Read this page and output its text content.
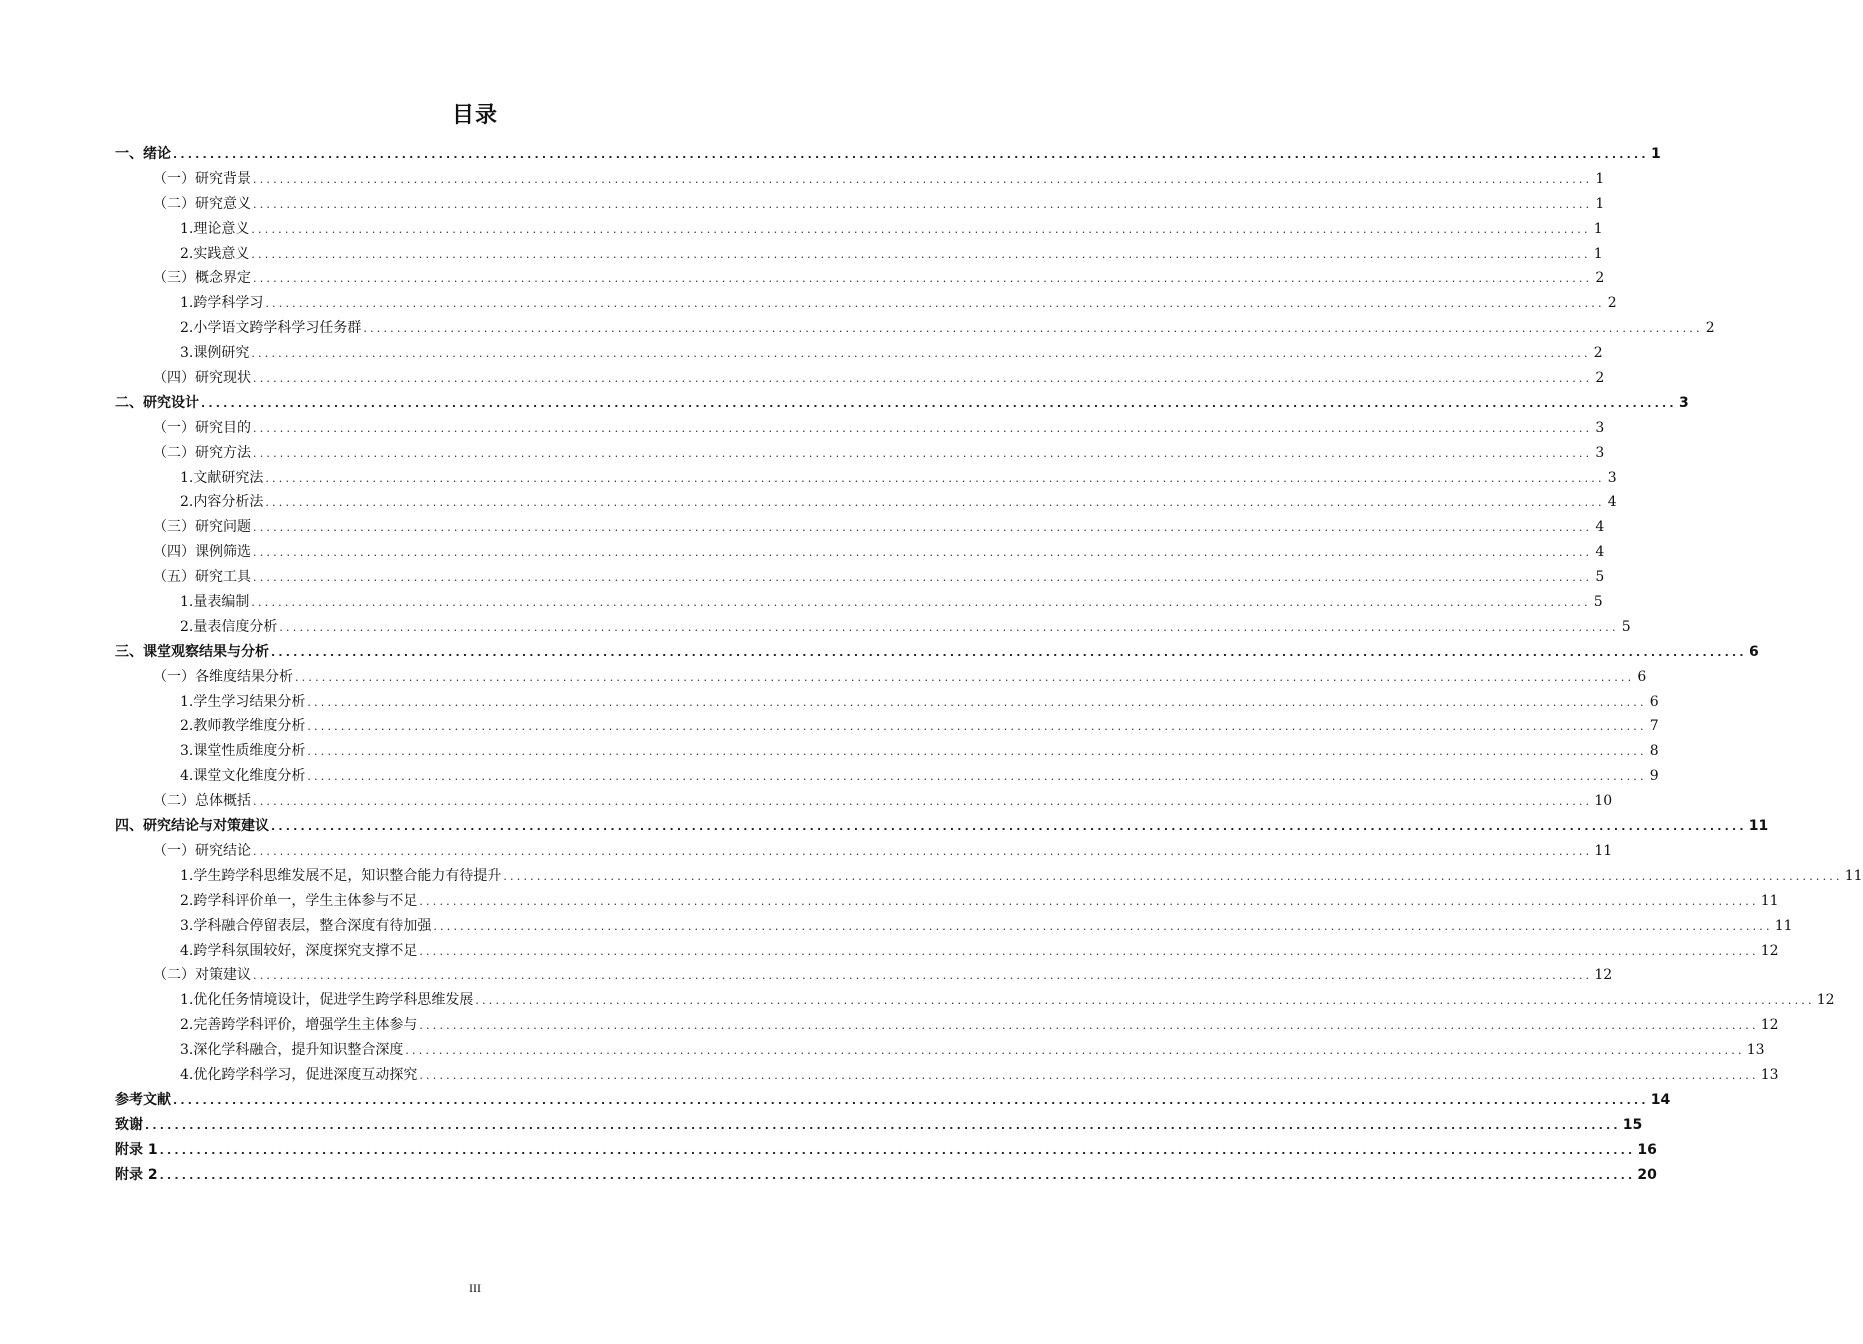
目录
一、绪论 ........................................................................................................................................................................................................ 1
（一）研究背景 ........................................................................................................................................................................................................ 1
（二）研究意义 ........................................................................................................................................................................................................ 1
1.理论意义 ........................................................................................................................................................................................................ 1
2.实践意义 ........................................................................................................................................................................................................ 1
（三）概念界定 ........................................................................................................................................................................................................ 2
1.跨学科学习 ........................................................................................................................................................................................................ 2
2.小学语文跨学科学习任务群 ........................................................................................................................................................................................................ 2
3.课例研究 ........................................................................................................................................................................................................ 2
（四）研究现状 ........................................................................................................................................................................................................ 2
二、研究设计 ........................................................................................................................................................................................................ 3
（一）研究目的 ........................................................................................................................................................................................................ 3
（二）研究方法 ........................................................................................................................................................................................................ 3
1.文献研究法 ........................................................................................................................................................................................................ 3
2.内容分析法 ........................................................................................................................................................................................................ 4
（三）研究问题 ........................................................................................................................................................................................................ 4
（四）课例筛选 ........................................................................................................................................................................................................ 4
（五）研究工具 ........................................................................................................................................................................................................ 5
1.量表编制 ........................................................................................................................................................................................................ 5
2.量表信度分析 ........................................................................................................................................................................................................ 5
三、课堂观察结果与分析 ........................................................................................................................................................................................................ 6
（一）各维度结果分析 ........................................................................................................................................................................................................ 6
1.学生学习结果分析 ........................................................................................................................................................................................................ 6
2.教师教学维度分析 ........................................................................................................................................................................................................ 7
3.课堂性质维度分析 ........................................................................................................................................................................................................ 8
4.课堂文化维度分析 ........................................................................................................................................................................................................ 9
（二）总体概括 ........................................................................................................................................................................................................ 10
四、研究结论与对策建议 ........................................................................................................................................................................................................ 11
（一）研究结论 ........................................................................................................................................................................................................ 11
1.学生跨学科思维发展不足，知识整合能力有待提升 ........................................................................................................................................................................................................ 11
2.跨学科评价单一，学生主体参与不足 ........................................................................................................................................................................................................ 11
3.学科融合停留表层，整合深度有待加强 ........................................................................................................................................................................................................ 11
4.跨学科氛围较好，深度探究支撑不足 ........................................................................................................................................................................................................ 12
（二）对策建议 ........................................................................................................................................................................................................ 12
1.优化任务情境设计，促进学生跨学科思维发展 ........................................................................................................................................................................................................ 12
2.完善跨学科评价，增强学生主体参与 ........................................................................................................................................................................................................ 12
3.深化学科融合，提升知识整合深度 ........................................................................................................................................................................................................ 13
4.优化跨学科学习，促进深度互动探究 ........................................................................................................................................................................................................ 13
参考文献 ........................................................................................................................................................................................................ 14
致谢 ........................................................................................................................................................................................................ 15
附录 1 ........................................................................................................................................................................................................ 16
附录 2 ........................................................................................................................................................................................................ 20
III
